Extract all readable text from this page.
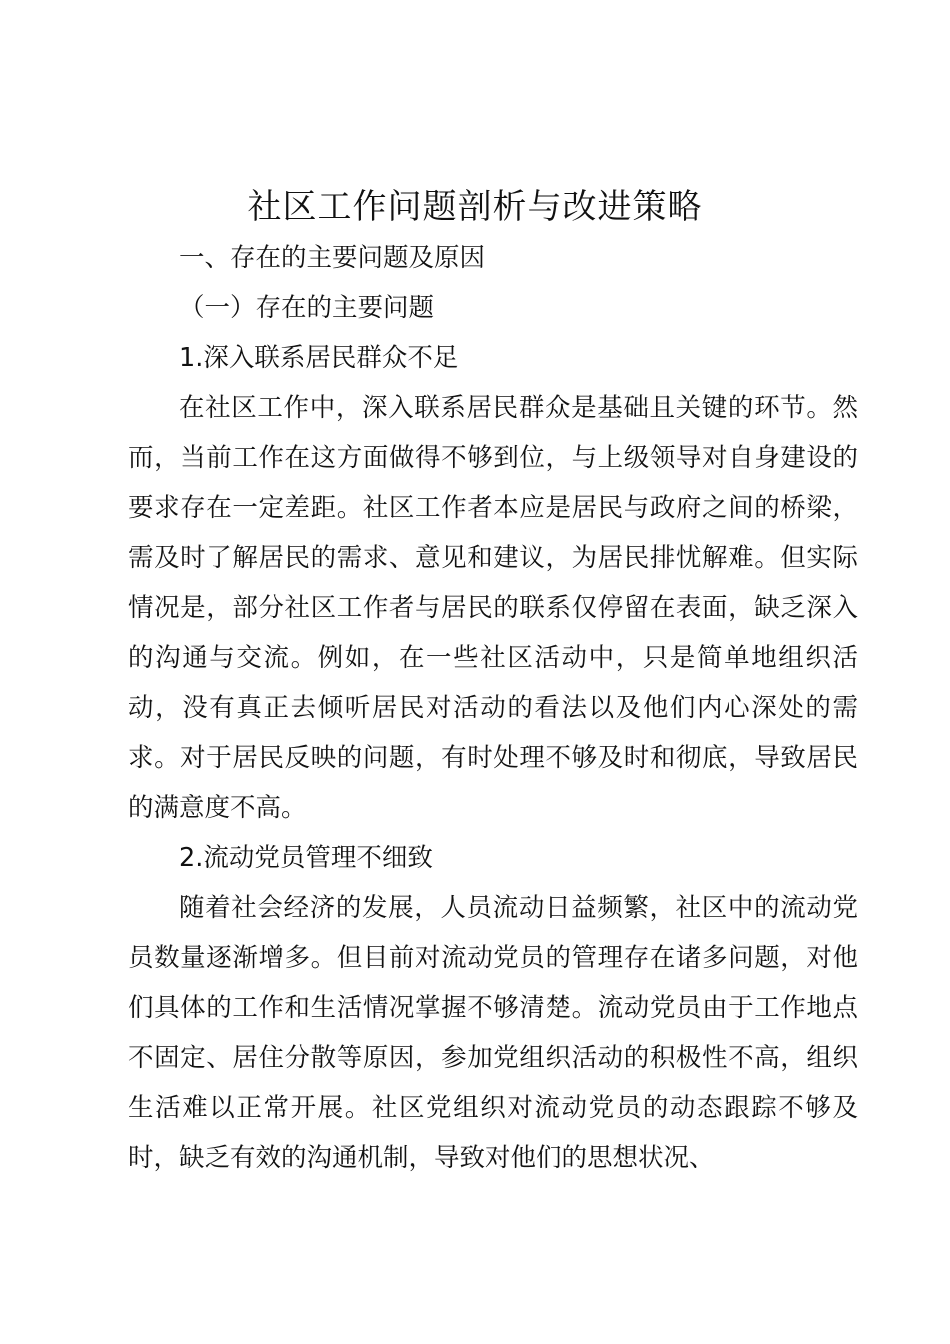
社区工作问题剖析与改进策略

一、存在的主要问题及原因

（一）存在的主要问题

1.深入联系居民群众不足

在社区工作中，深入联系居民群众是基础且关键的环节。然而，当前工作在这方面做得不够到位，与上级领导对自身建设的要求存在一定差距。社区工作者本应是居民与政府之间的桥梁，需及时了解居民的需求、意见和建议，为居民排忧解难。但实际情况是，部分社区工作者与居民的联系仅停留在表面，缺乏深入的沟通与交流。例如，在一些社区活动中，只是简单地组织活动，没有真正去倾听居民对活动的看法以及他们内心深处的需求。对于居民反映的问题，有时处理不够及时和彻底，导致居民的满意度不高。

2.流动党员管理不细致

随着社会经济的发展，人员流动日益频繁，社区中的流动党员数量逐渐增多。但目前对流动党员的管理存在诸多问题，对他们具体的工作和生活情况掌握不够清楚。流动党员由于工作地点不固定、居住分散等原因，参加党组织活动的积极性不高，组织生活难以正常开展。社区党组织对流动党员的动态跟踪不够及时，缺乏有效的沟通机制，导致对他们的思想状况、
